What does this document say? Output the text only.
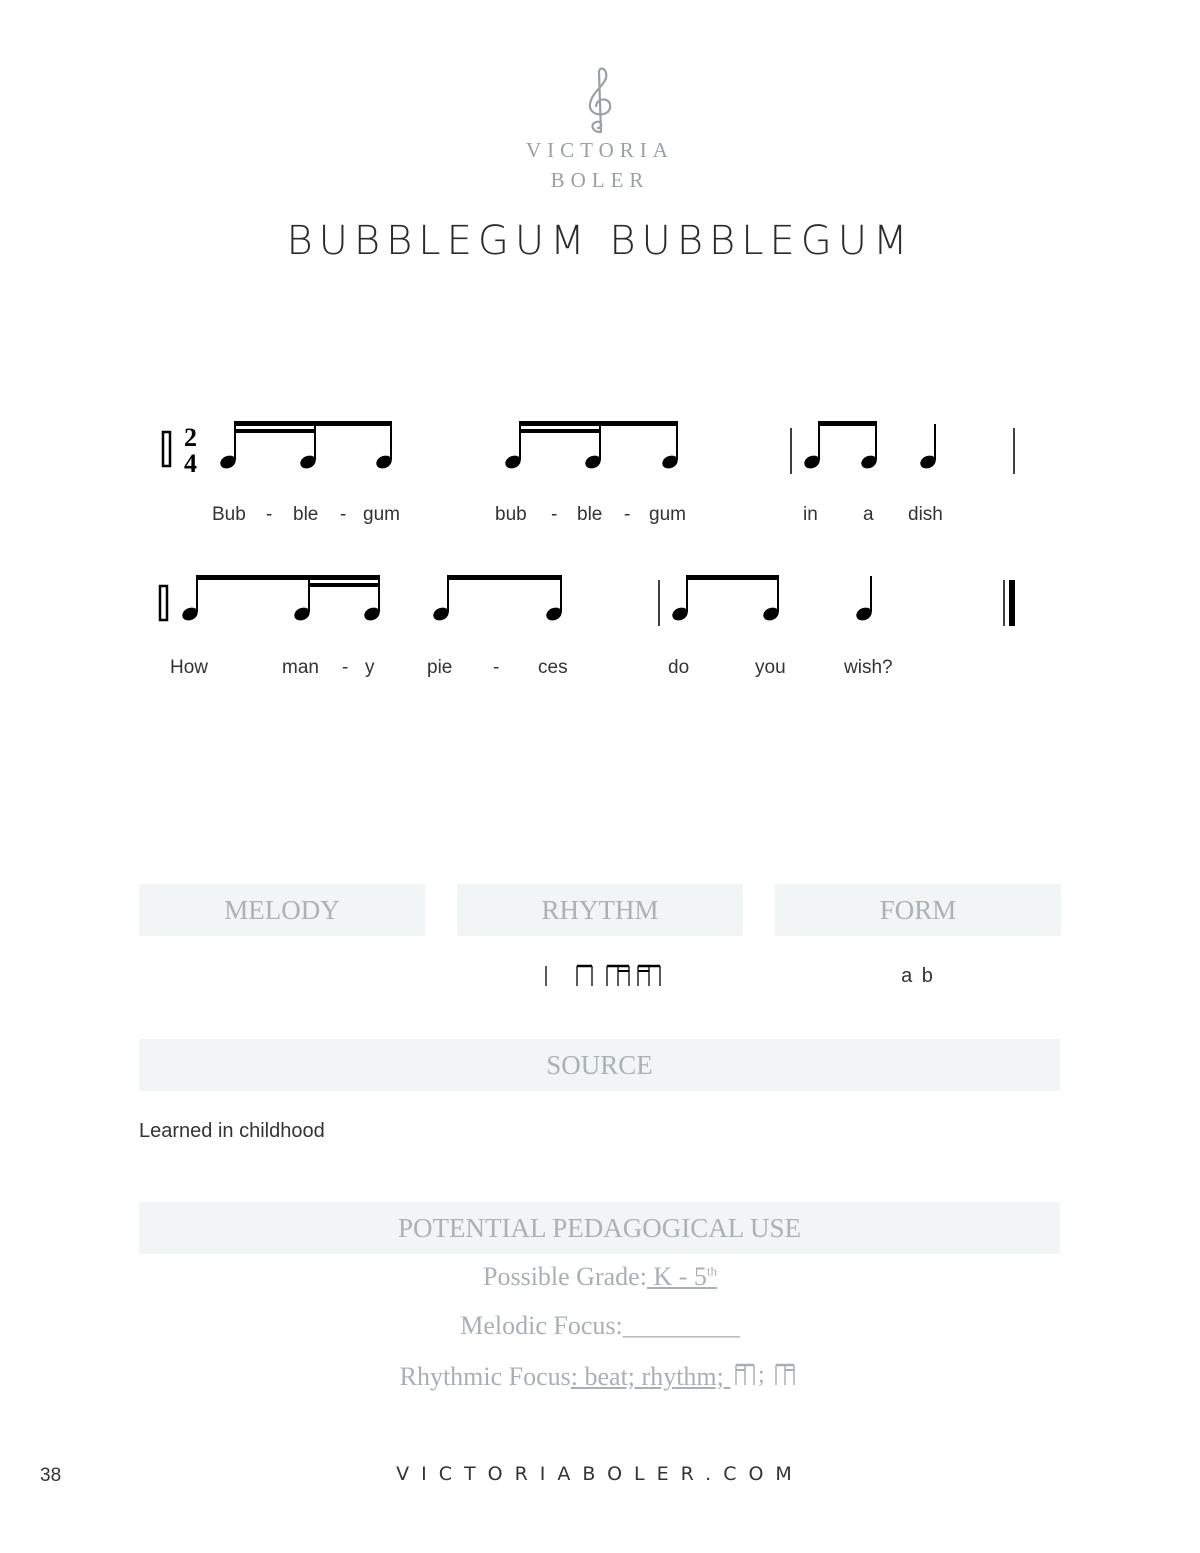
VICTORIA
BOLER
BUBBLEGUM BUBBLEGUM
2
4
Bub - ble - gum	bub - ble - gum	in a dish
How	man - y	pie - ces	do	you	wish?
MELODY	RHYTHM	FORM
a b
SOURCE
Learned in childhood
POTENTIAL PEDAGOGICAL USE
Possible Grade: K - 5th
Melodic Focus:_________
Rhythmic Focus: beat; rhythm; ;
38	VICTORIABOLER.COM
